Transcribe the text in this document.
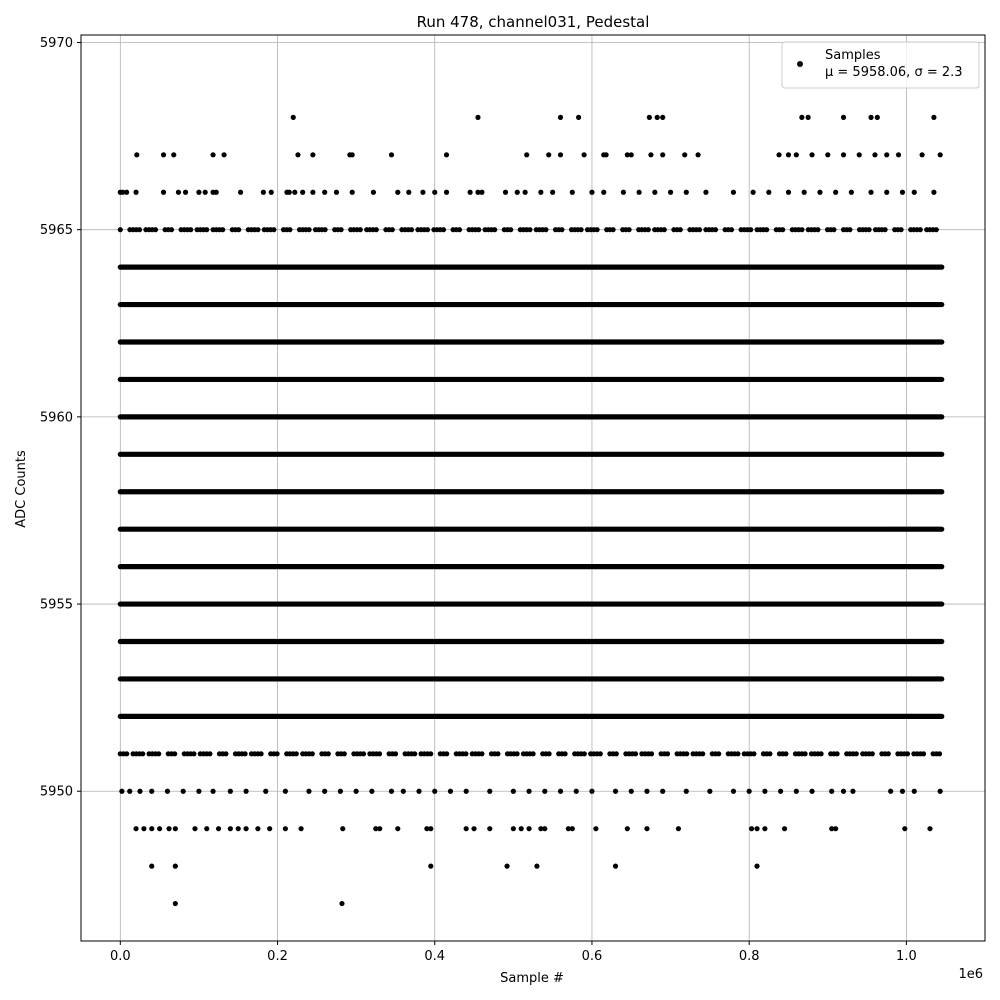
0.0	0.2	0.4	0.6	0.8	1.0
5950
5955
5960
5965
5970
Run 478, channel031, Pedestal
Sample #
ADC Counts
1e6
Samples
μ = 5958.06, σ = 2.3
